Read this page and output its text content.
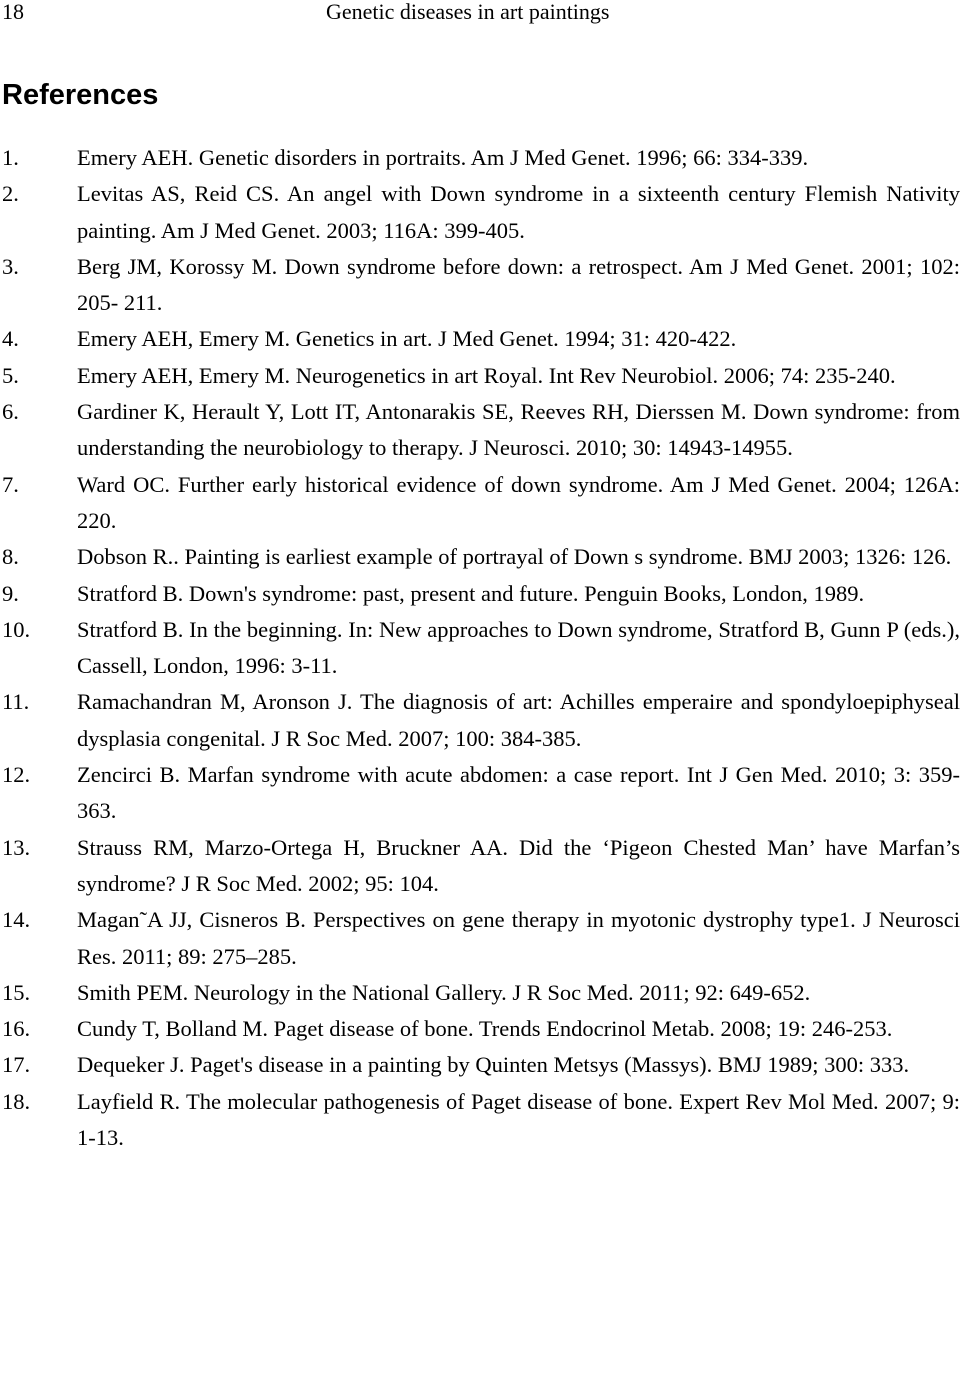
18	Genetic diseases in art paintings
References
1.	Emery AEH. Genetic disorders in portraits. Am J Med Genet. 1996; 66: 334-339.
2.	Levitas AS, Reid CS. An angel with Down syndrome in a sixteenth century Flemish Nativity painting. Am J Med Genet. 2003; 116A: 399-405.
3.	Berg JM, Korossy M. Down syndrome before down: a retrospect. Am J Med Genet. 2001; 102: 205- 211.
4.	Emery AEH, Emery M. Genetics in art. J Med Genet. 1994; 31: 420-422.
5.	Emery AEH, Emery M. Neurogenetics in art Royal. Int Rev Neurobiol. 2006; 74: 235-240.
6.	Gardiner K, Herault Y, Lott IT, Antonarakis SE, Reeves RH, Dierssen M. Down syndrome: from understanding the neurobiology to therapy. J Neurosci. 2010; 30: 14943-14955.
7.	Ward OC. Further early historical evidence of down syndrome. Am J Med Genet. 2004; 126A: 220.
8.	Dobson R.. Painting is earliest example of portrayal of Down s syndrome. BMJ 2003; 1326: 126.
9.	Stratford B. Down's syndrome: past, present and future. Penguin Books, London, 1989.
10. Stratford B. In the beginning. In: New approaches to Down syndrome, Stratford B, Gunn P (eds.), Cassell, London, 1996: 3-11.
11. Ramachandran M, Aronson J. The diagnosis of art: Achilles emperaire and spondyloepiphyseal dysplasia congenital. J R Soc Med. 2007; 100: 384-385.
12. Zencirci B. Marfan syndrome with acute abdomen: a case report. Int J Gen Med. 2010; 3: 359-363.
13. Strauss RM, Marzo-Ortega H, Bruckner AA. Did the ‘Pigeon Chested Man’ have Marfan’s syndrome? J R Soc Med. 2002; 95: 104.
14. Magan˜A JJ, Cisneros B. Perspectives on gene therapy in myotonic dystrophy type1. J Neurosci Res. 2011; 89: 275–285.
15. Smith PEM. Neurology in the National Gallery. J R Soc Med. 2011; 92: 649-652.
16. Cundy T, Bolland M. Paget disease of bone. Trends Endocrinol Metab. 2008; 19: 246-253.
17. Dequeker J. Paget's disease in a painting by Quinten Metsys (Massys). BMJ 1989; 300: 333.
18. Layfield R. The molecular pathogenesis of Paget disease of bone. Expert Rev Mol Med. 2007; 9: 1-13.
